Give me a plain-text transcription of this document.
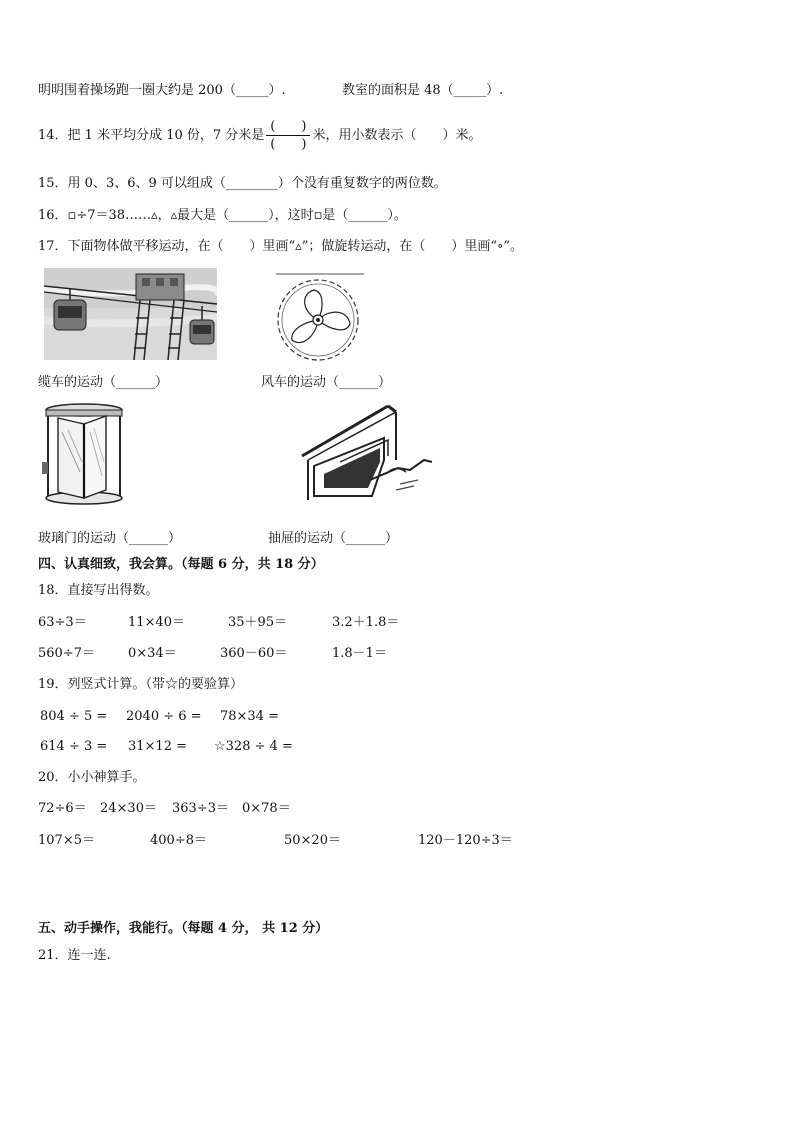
明明围着操场跑一圈大约是 200（_____）.	教室的面积是 48（_____）.
14．把 1 米平均分成 10 份，7 分米是 $\frac{( )}{( )}$ 米，用小数表示（　　）米。
15．用 0、3、6、9 可以组成（________）个没有重复数字的两位数。
16．▫÷7＝38……▵，▵最大是（______），这时▫是（______）。
17．下面物体做平移运动，在（　　）里画“▵”；做旋转运动，在（　　）里画“∘”。
缆车的运动（______）	风车的运动（______）
玻璃门的运动（______）	抽屉的运动（______）
四、认真细致，我会算。（每题 6 分，共 18 分）
18．直接写出得数。
63÷3＝	11×40＝	35＋95＝	3.2＋1.8＝
560÷7＝	0×34＝	360－60＝	1.8－1＝
19．列竖式计算。（带☆的要验算）
804 ÷ 5 = 2040 ÷ 6 = 78×34 =
614 ÷ 3 = 31×12 = ☆328 ÷ 4 =
20．小小神算手。
72÷6＝ 24×30＝ 363÷3＝ 0×78＝
107×5＝	400÷8＝	50×20＝	120－120÷3＝
五、动手操作，我能行。（每题 4 分， 共 12 分）
21．连一连.
